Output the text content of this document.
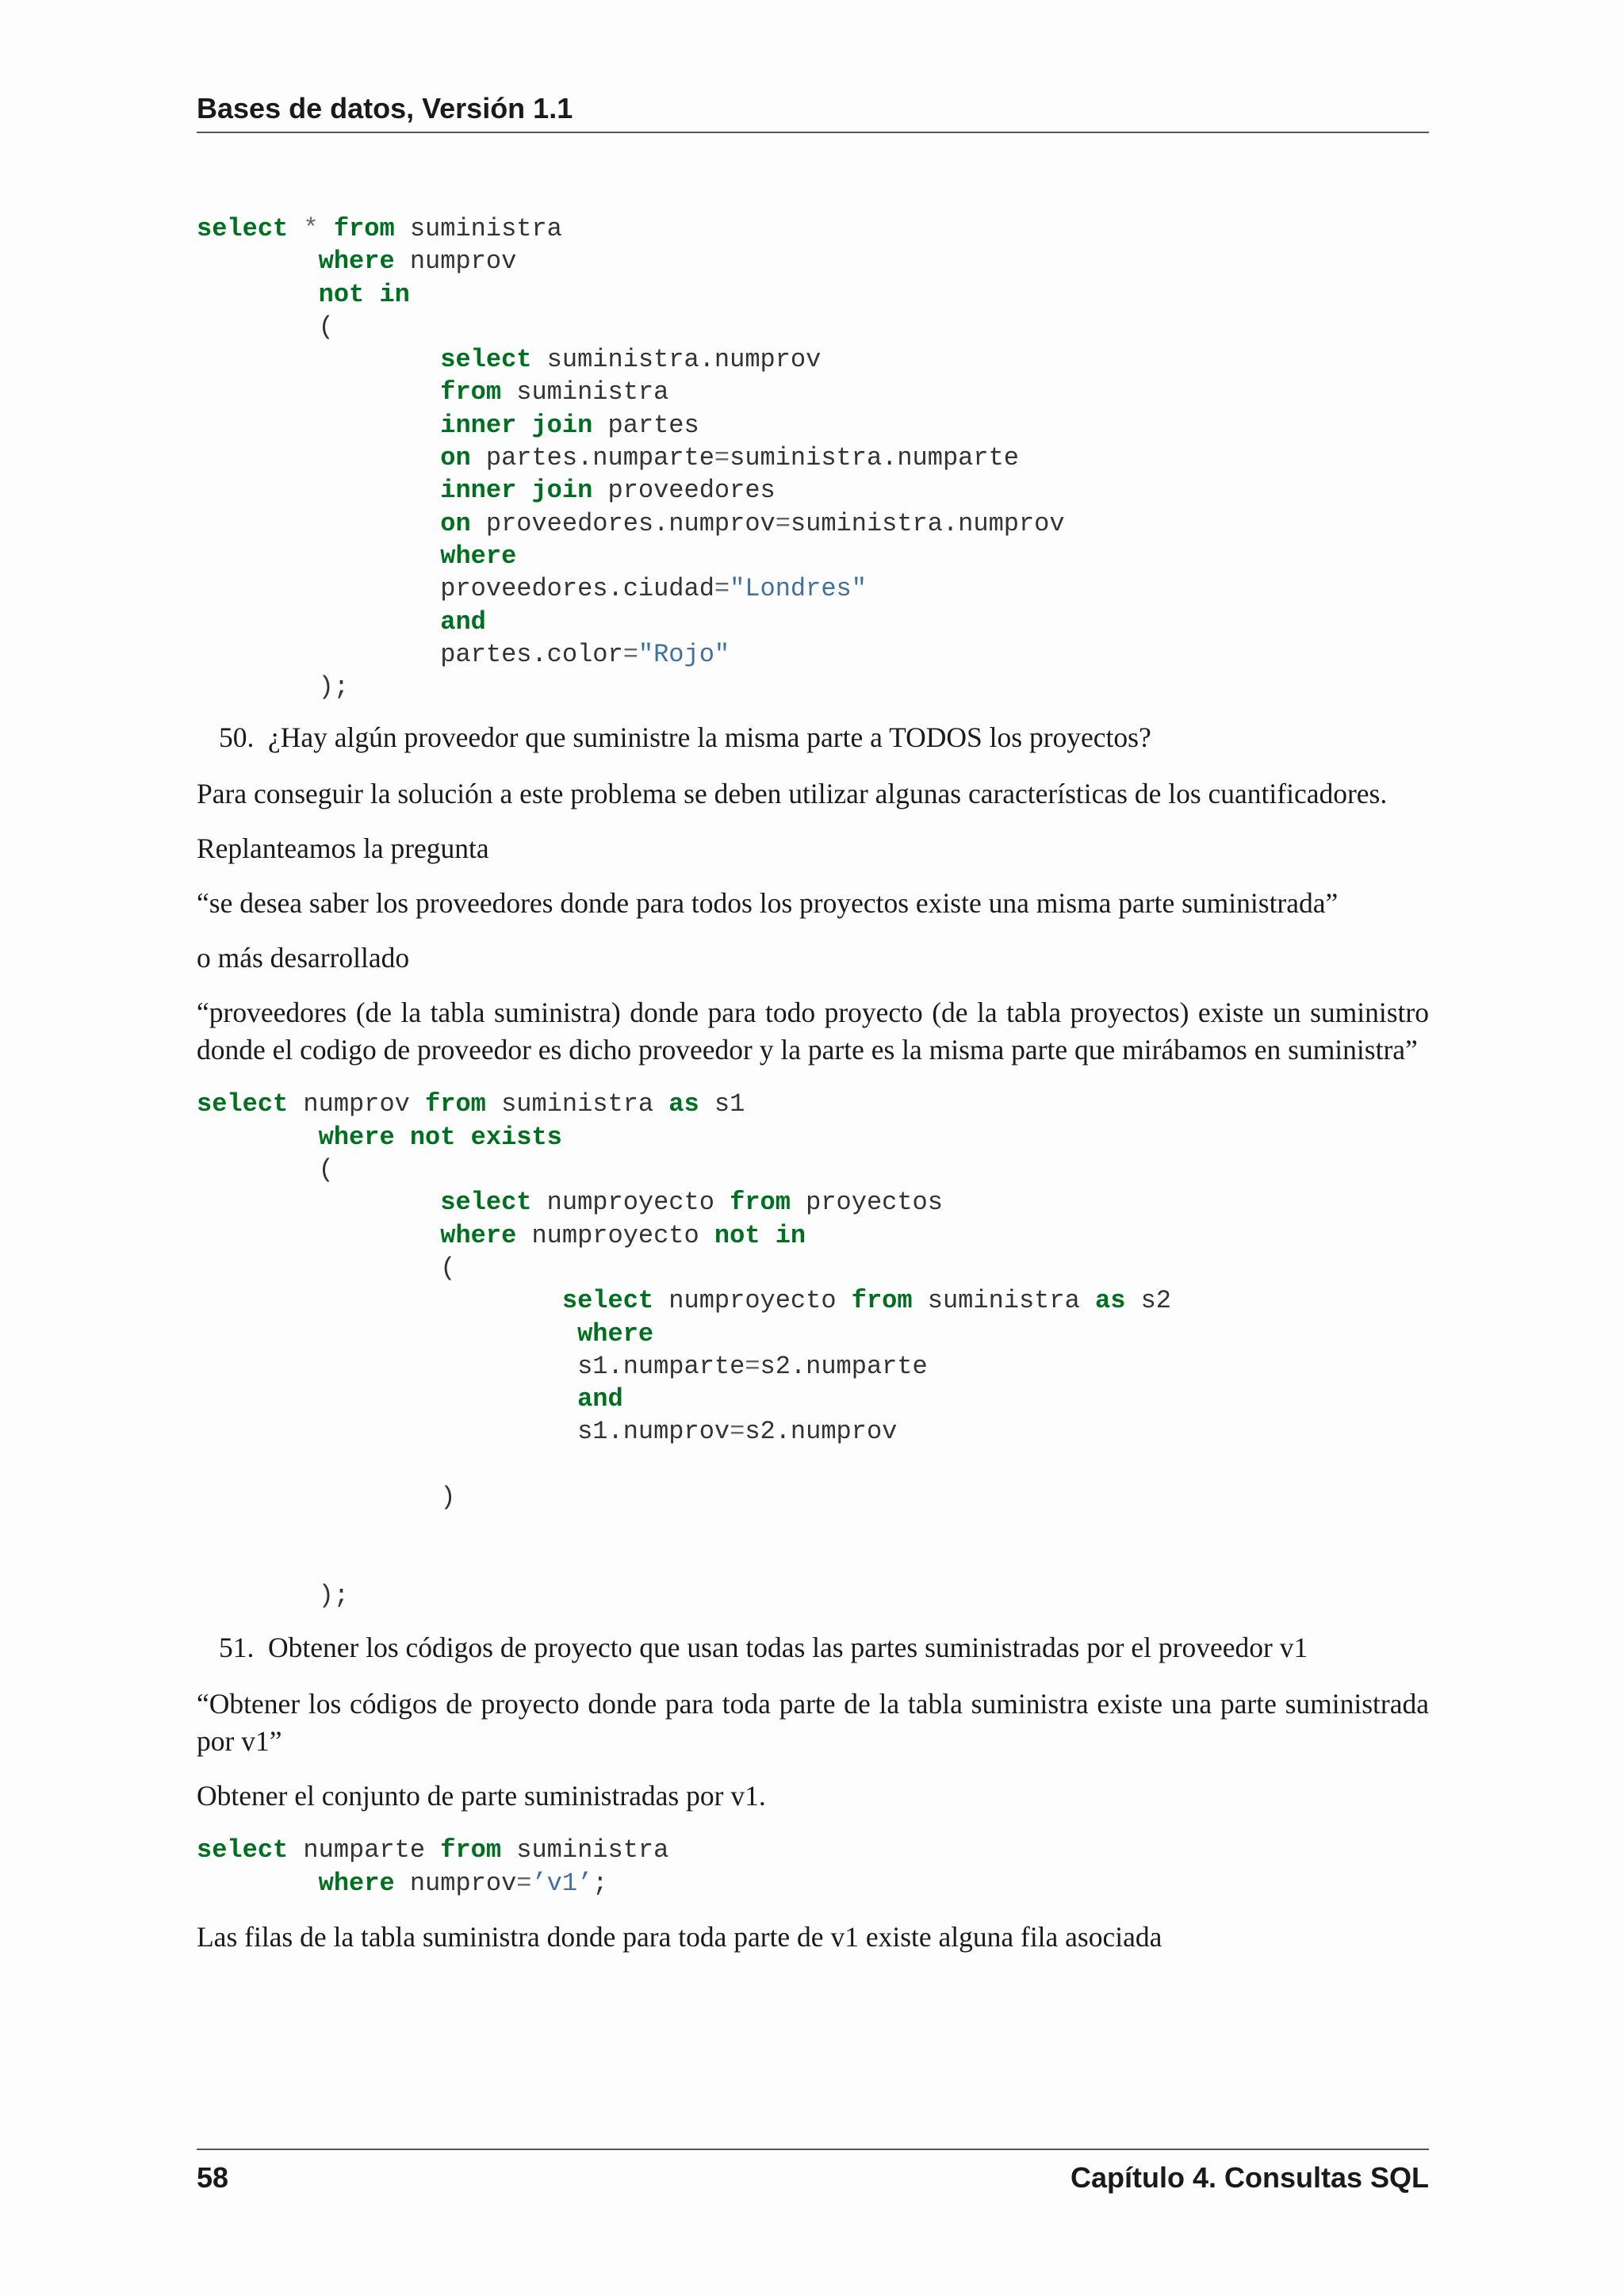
Bases de datos, Versión 1.1
select * from suministra
where numprov
not in
(
select suministra.numprov
from suministra
inner join partes
on partes.numparte=suministra.numparte
inner join proveedores
on proveedores.numprov=suministra.numprov
where
proveedores.ciudad="Londres"
and
partes.color="Rojo"
);
50. ¿Hay algún proveedor que suministre la misma parte a TODOS los proyectos?

Para conseguir la solución a este problema se deben utilizar algunas características de los cuantificadores.

Replanteamos la pregunta

“se desea saber los proveedores donde para todos los proyectos existe una misma parte suministrada”

o más desarrollado

“proveedores (de la tabla suministra) donde para todo proyecto (de la tabla proyectos) existe un suministro donde el codigo de proveedor es dicho proveedor y la parte es la misma parte que mirábamos en suministra”

select numprov from suministra as s1
where not exists
(
select numproyecto from proyectos
where numproyecto not in
(
select numproyecto from suministra as s2
where
s1.numparte=s2.numparte
and
s1.numprov=s2.numprov

)

);
51. Obtener los códigos de proyecto que usan todas las partes suministradas por el proveedor v1

“Obtener los códigos de proyecto donde para toda parte de la tabla suministra existe una parte suministrada por v1”

Obtener el conjunto de parte suministradas por v1.

select numparte from suministra
where numprov=’v1’;

Las filas de la tabla suministra donde para toda parte de v1 existe alguna fila asociada

58	Capítulo 4. Consultas SQL
